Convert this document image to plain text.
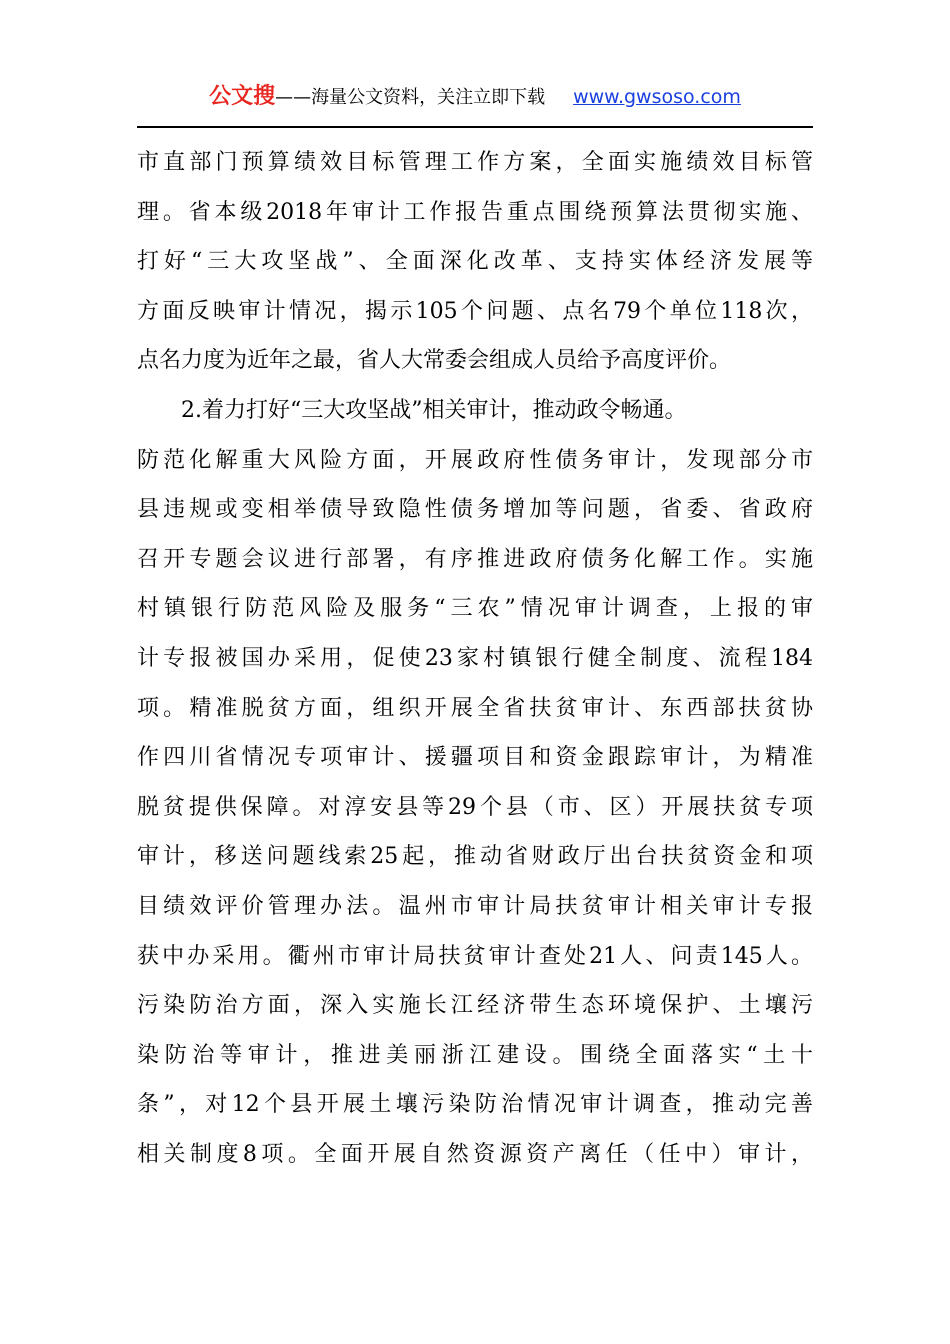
公文搜——海量公文资料，关注立即下载 www.gwsoso.com
市直部门预算绩效目标管理工作方案，全面实施绩效目标管
理。省本级2018年审计工作报告重点围绕预算法贯彻实施、
打好“三大攻坚战”、全面深化改革、支持实体经济发展等
方面反映审计情况，揭示105个问题、点名79个单位118次，
点名力度为近年之最，省人大常委会组成人员给予高度评价。
2.着力打好“三大攻坚战”相关审计，推动政令畅通。
防范化解重大风险方面，开展政府性债务审计，发现部分市
县违规或变相举债导致隐性债务增加等问题，省委、省政府
召开专题会议进行部署，有序推进政府债务化解工作。实施
村镇银行防范风险及服务“三农”情况审计调查，上报的审
计专报被国办采用，促使23家村镇银行健全制度、流程184
项。精准脱贫方面，组织开展全省扶贫审计、东西部扶贫协
作四川省情况专项审计、援疆项目和资金跟踪审计，为精准
脱贫提供保障。对淳安县等29个县（市、区）开展扶贫专项
审计，移送问题线索25起，推动省财政厅出台扶贫资金和项
目绩效评价管理办法。温州市审计局扶贫审计相关审计专报
获中办采用。衢州市审计局扶贫审计查处21人、问责145人。
污染防治方面，深入实施长江经济带生态环境保护、土壤污
染防治等审计，推进美丽浙江建设。围绕全面落实“土十
条”，对12个县开展土壤污染防治情况审计调查，推动完善
相关制度8项。全面开展自然资源资产离任（任中）审计，
